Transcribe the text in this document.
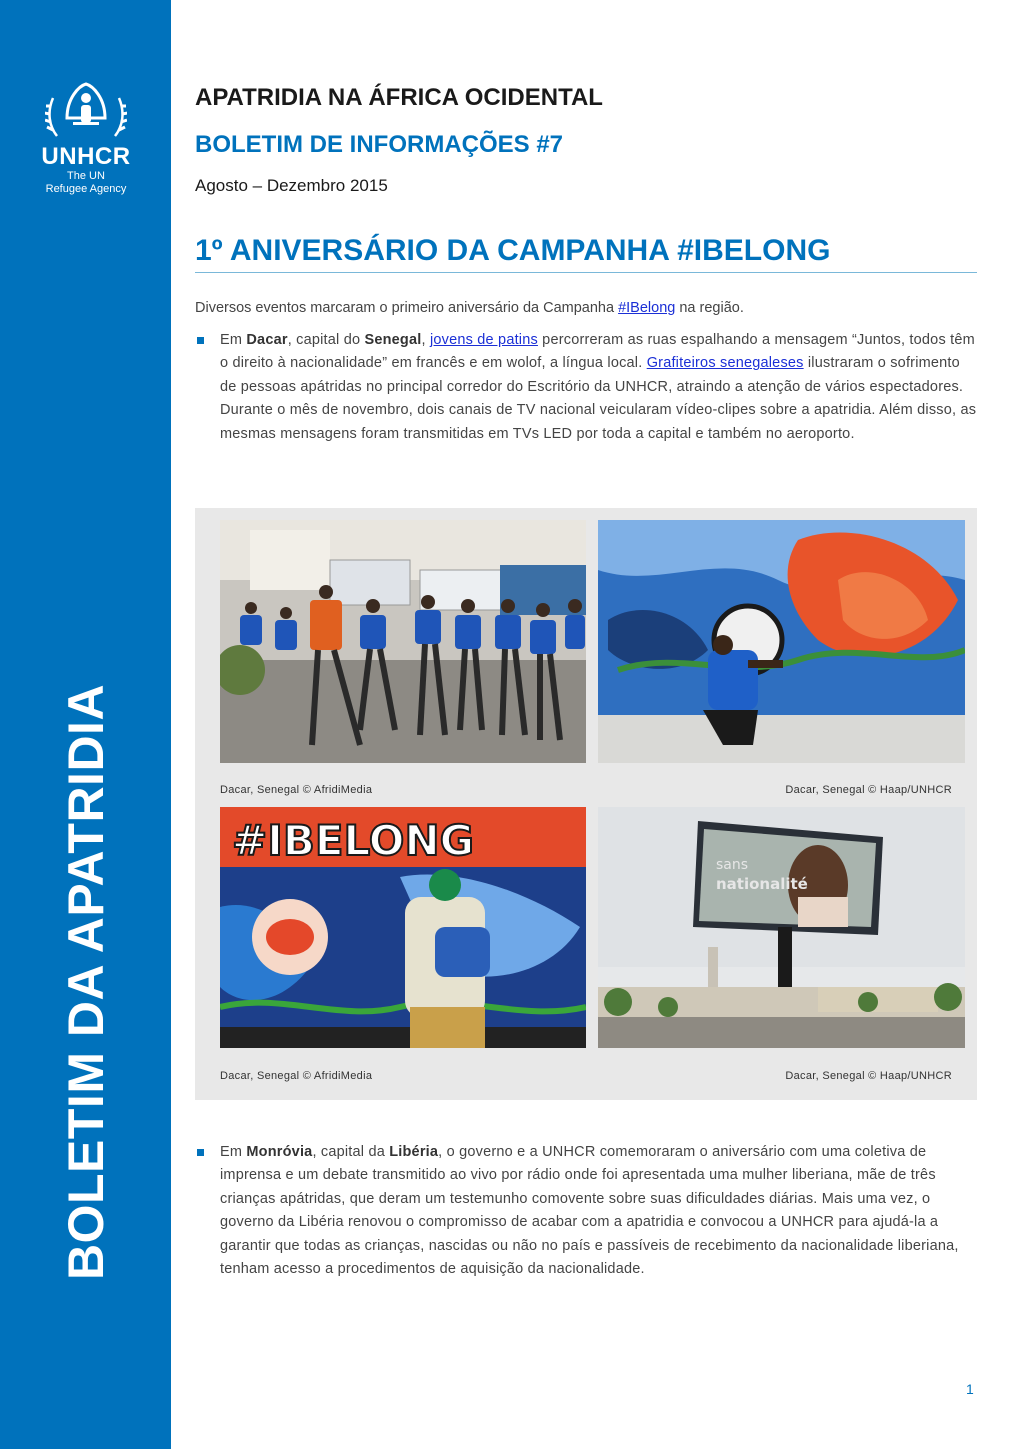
UNHCR
The UN
Refugee Agency
BOLETIM DA APATRIDIA
APATRIDIA NA ÁFRICA OCIDENTAL
BOLETIM DE INFORMAÇÕES #7
Agosto – Dezembro 2015
1º ANIVERSÁRIO DA CAMPANHA #IBELONG
Diversos eventos marcaram o primeiro aniversário da Campanha #IBelong na região.
Em Dacar, capital do Senegal, jovens de patins percorreram as ruas espalhando a mensagem “Juntos, todos têm o direito à nacionalidade” em francês e em wolof, a língua local. Grafiteiros senegaleses ilustraram o sofrimento de pessoas apátridas no principal corredor do Escritório da UNHCR, atraindo a atenção de vários espectadores. Durante o mês de novembro, dois canais de TV nacional veicularam vídeo-clipes sobre a apatridia. Além disso, as mesmas mensagens foram transmitidas em TVs LED por toda a capital e também no aeroporto.
Em Monróvia, capital da Libéria, o governo e a UNHCR comemoraram o aniversário com uma coletiva de imprensa e um debate transmitido ao vivo por rádio onde foi apresentada uma mulher liberiana, mãe de três crianças apátridas, que deram um testemunho comovente sobre suas dificuldades diárias. Mais uma vez, o governo da Libéria renovou o compromisso de acabar com a apatridia e convocou a UNHCR para ajudá-la a garantir que todas as crianças, nascidas ou não no país e passíveis de recebimento da nacionalidade liberiana, tenham acesso a procedimentos de aquisição da nacionalidade.
#IBELONG	sans
nationalité
Dacar, Senegal © AfridiMedia	Dacar, Senegal © Haap/UNHCR
Dacar, Senegal © AfridiMedia	Dacar, Senegal © Haap/UNHCR
1
